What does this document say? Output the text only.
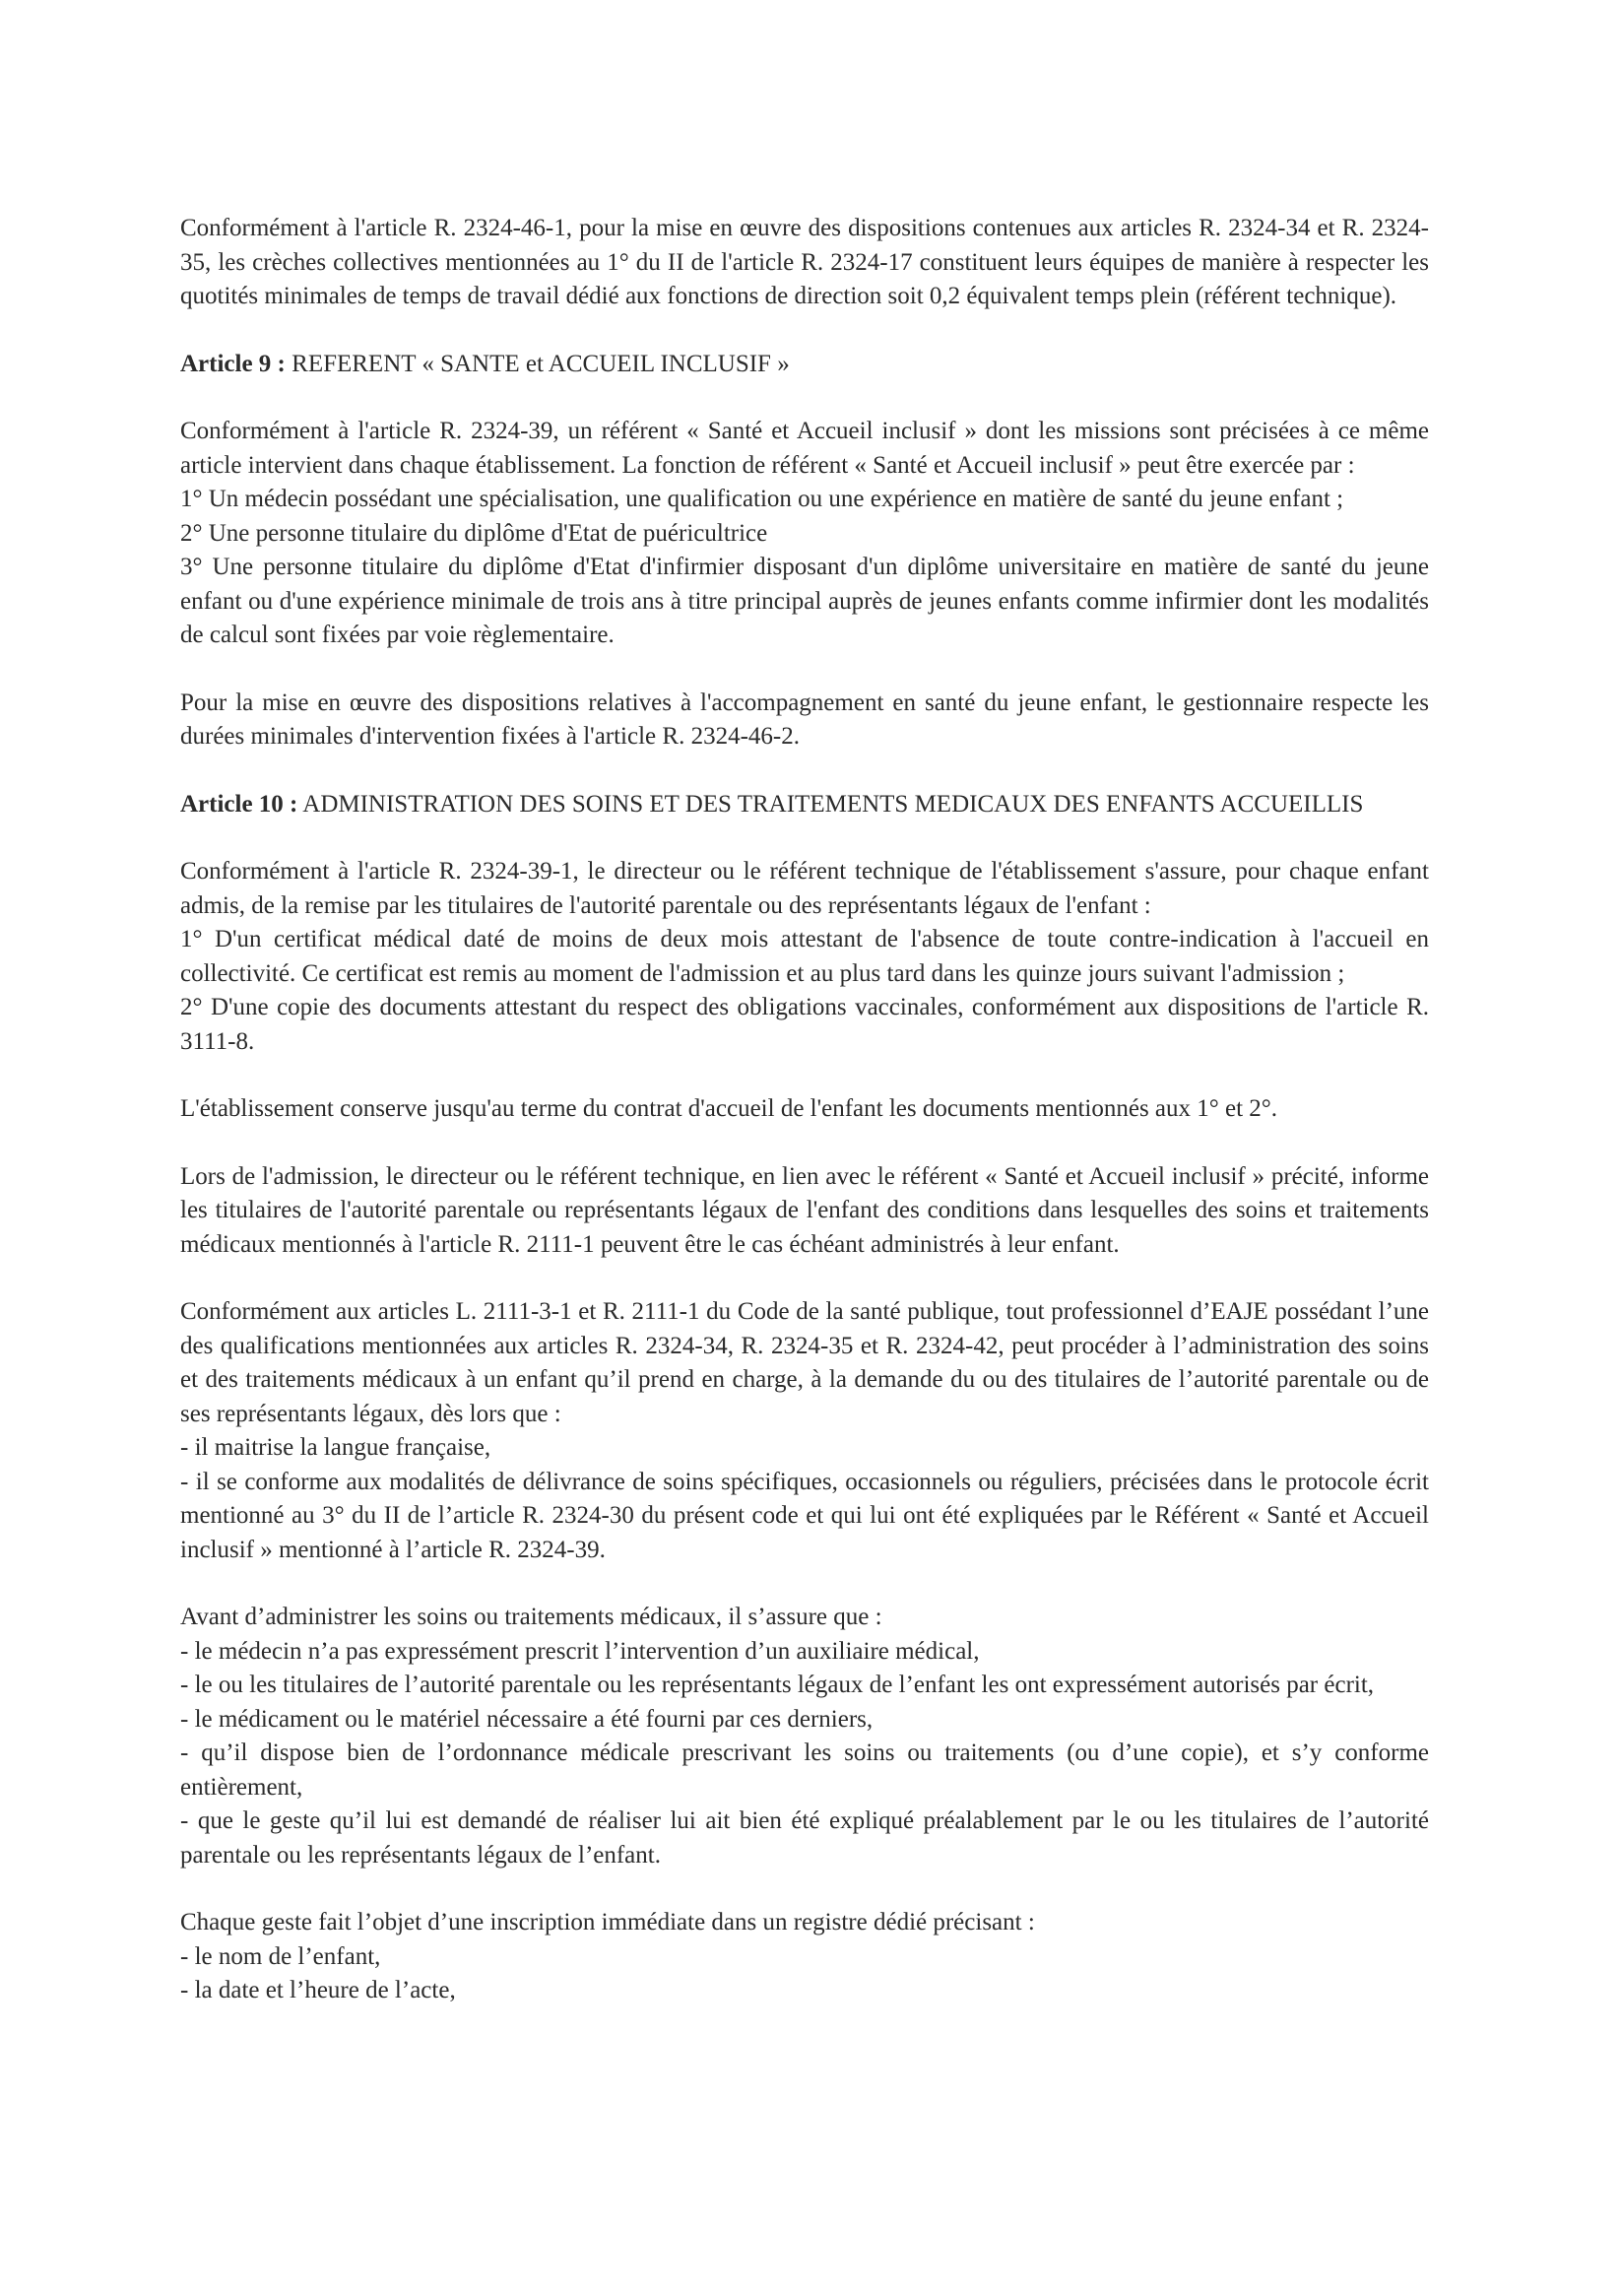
Conformément à l'article R. 2324-46-1, pour la mise en œuvre des dispositions contenues aux articles R. 2324-34 et R. 2324-35, les crèches collectives mentionnées au 1° du II de l'article R. 2324-17 constituent leurs équipes de manière à respecter les quotités minimales de temps de travail dédié aux fonctions de direction soit 0,2 équivalent temps plein (référent technique).

Article 9 : REFERENT « SANTE et ACCUEIL INCLUSIF »
Conformément à l'article R. 2324-39, un référent « Santé et Accueil inclusif » dont les missions sont précisées à ce même article intervient dans chaque établissement. La fonction de référent « Santé et Accueil inclusif » peut être exercée par :
1° Un médecin possédant une spécialisation, une qualification ou une expérience en matière de santé du jeune enfant ;
2° Une personne titulaire du diplôme d'Etat de puéricultrice
3° Une personne titulaire du diplôme d'Etat d'infirmier disposant d'un diplôme universitaire en matière de santé du jeune enfant ou d'une expérience minimale de trois ans à titre principal auprès de jeunes enfants comme infirmier dont les modalités de calcul sont fixées par voie règlementaire.

Pour la mise en œuvre des dispositions relatives à l'accompagnement en santé du jeune enfant, le gestionnaire respecte les durées minimales d'intervention fixées à l'article R. 2324-46-2.

Article 10 : ADMINISTRATION DES SOINS ET DES TRAITEMENTS MEDICAUX DES ENFANTS ACCUEILLIS
Conformément à l'article R. 2324-39-1, le directeur ou le référent technique de l'établissement s'assure, pour chaque enfant admis, de la remise par les titulaires de l'autorité parentale ou des représentants légaux de l'enfant :
1° D'un certificat médical daté de moins de deux mois attestant de l'absence de toute contre-indication à l'accueil en collectivité. Ce certificat est remis au moment de l'admission et au plus tard dans les quinze jours suivant l'admission ;
2° D'une copie des documents attestant du respect des obligations vaccinales, conformément aux dispositions de l'article R. 3111-8.

L'établissement conserve jusqu'au terme du contrat d'accueil de l'enfant les documents mentionnés aux 1° et 2°.

Lors de l'admission, le directeur ou le référent technique, en lien avec le référent « Santé et Accueil inclusif » précité, informe les titulaires de l'autorité parentale ou représentants légaux de l'enfant des conditions dans lesquelles des soins et traitements médicaux mentionnés à l'article R. 2111-1 peuvent être le cas échéant administrés à leur enfant.

Conformément aux articles L. 2111-3-1 et R. 2111-1 du Code de la santé publique, tout professionnel d’EAJE possédant l’une des qualifications mentionnées aux articles R. 2324-34, R. 2324-35 et R. 2324-42, peut procéder à l’administration des soins et des traitements médicaux à un enfant qu’il prend en charge, à la demande du ou des titulaires de l’autorité parentale ou de ses représentants légaux, dès lors que :
- il maitrise la langue française,
- il se conforme aux modalités de délivrance de soins spécifiques, occasionnels ou réguliers, précisées dans le protocole écrit mentionné au 3° du II de l’article R. 2324-30 du présent code et qui lui ont été expliquées par le Référent « Santé et Accueil inclusif » mentionné à l’article R. 2324-39.
Avant d’administrer les soins ou traitements médicaux, il s’assure que :
- le médecin n’a pas expressément prescrit l’intervention d’un auxiliaire médical,
- le ou les titulaires de l’autorité parentale ou les représentants légaux de l’enfant les ont expressément autorisés par écrit,
- le médicament ou le matériel nécessaire a été fourni par ces derniers,
- qu’il dispose bien de l’ordonnance médicale prescrivant les soins ou traitements (ou d’une copie), et s’y conforme entièrement,
- que le geste qu’il lui est demandé de réaliser lui ait bien été expliqué préalablement par le ou les titulaires de l’autorité parentale ou les représentants légaux de l’enfant.
Chaque geste fait l’objet d’une inscription immédiate dans un registre dédié précisant :
- le nom de l’enfant,
- la date et l’heure de l’acte,
